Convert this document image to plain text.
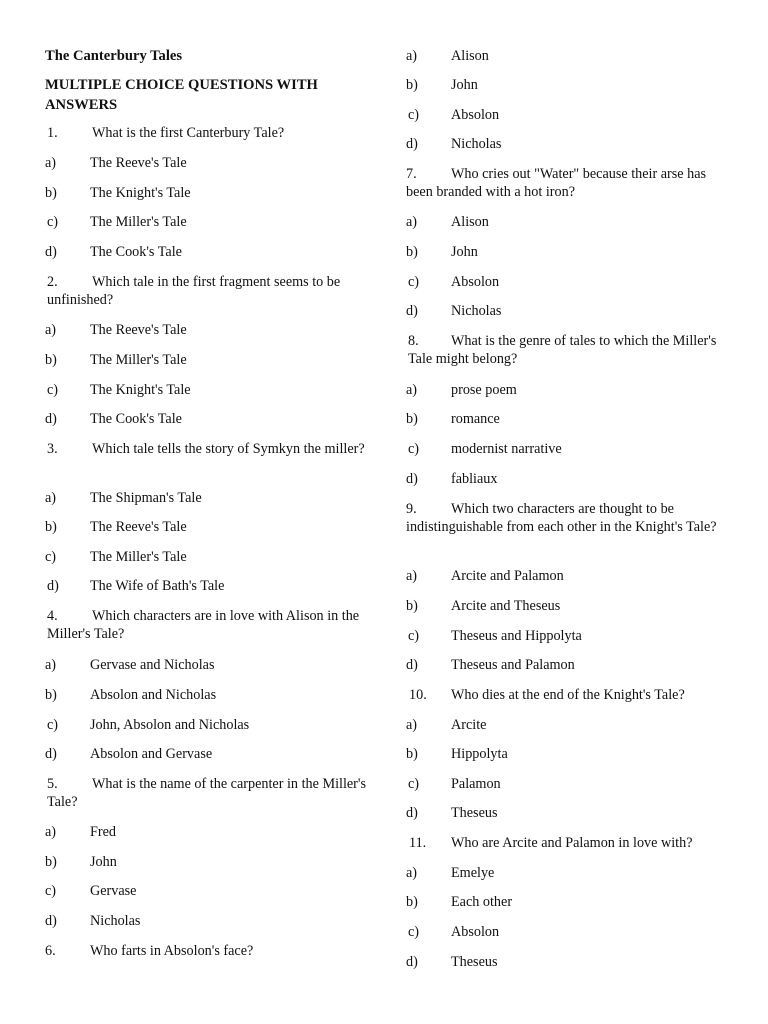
The Canterbury Tales
MULTIPLE CHOICE QUESTIONS WITH ANSWERS
1. What is the first Canterbury Tale?
a) The Reeve's Tale
b) The Knight's Tale
c) The Miller's Tale
d) The Cook's Tale
2. Which tale in the first fragment seems to be unfinished?
a) The Reeve's Tale
b) The Miller's Tale
c) The Knight's Tale
d) The Cook's Tale
3. Which tale tells the story of Symkyn the miller?
a) The Shipman's Tale
b) The Reeve's Tale
c) The Miller's Tale
d) The Wife of Bath's Tale
4. Which characters are in love with Alison in the Miller's Tale?
a) Gervase and Nicholas
b) Absolon and Nicholas
c) John, Absolon and Nicholas
d) Absolon and Gervase
5. What is the name of the carpenter in the Miller's Tale?
a) Fred
b) John
c) Gervase
d) Nicholas
6. Who farts in Absolon's face?
a) Alison
b) John
c) Absolon
d) Nicholas
7. Who cries out "Water" because their arse has been branded with a hot iron?
a) Alison
b) John
c) Absolon
d) Nicholas
8. What is the genre of tales to which the Miller's Tale might belong?
a) prose poem
b) romance
c) modernist narrative
d) fabliaux
9. Which two characters are thought to be indistinguishable from each other in the Knight's Tale?
a) Arcite and Palamon
b) Arcite and Theseus
c) Theseus and Hippolyta
d) Theseus and Palamon
10. Who dies at the end of the Knight's Tale?
a) Arcite
b) Hippolyta
c) Palamon
d) Theseus
11. Who are Arcite and Palamon in love with?
a) Emelye
b) Each other
c) Absolon
d) Theseus
